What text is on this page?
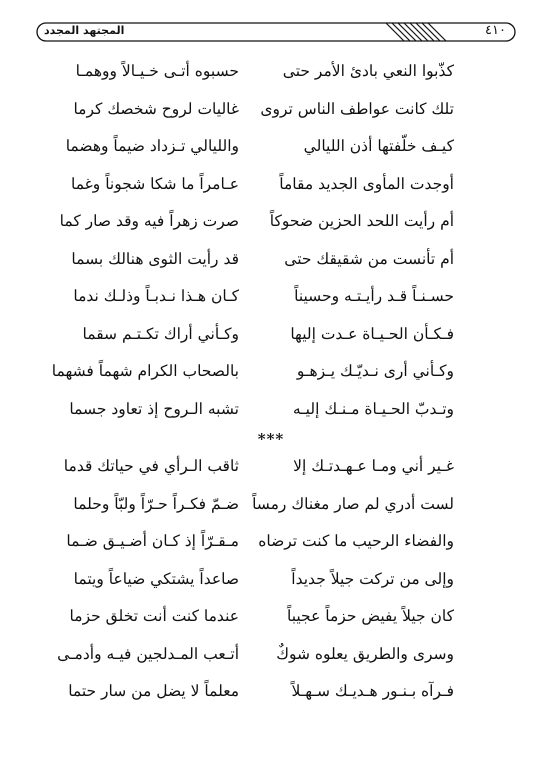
٤١٠
المجتهد المجدد
كذّبوا النعي بادئ الأمر حتى
حسبوه أتـى خـيـالاً ووهمـا
تلك كانت عواطف الناس تروى
غاليات لروح شخصك كرما
كيـف خلّفتها أذن الليالي
والليالي تـزداد ضيماً وهضما
أوجدت المأوى الجديد مقاماً
عـامراً ما شكا شجوناً وغما
أم رأيت اللحد الحزين ضحوكاً
صرت زهراً فيه وقد صار كما
أم تأنست من شقيقك حتى
قد رأيت الثوى هنالك بسما
حسـنـاً قـد رأيـتـه وحسيناً
كـان هـذا نـدبـاً وذلـك ندما
فـكـأن الحـيـاة عـدت إليها
وكـأني أراك تكـتـم سقما
وكـأني أرى نـديّـك يـزهـو
بالصحاب الكرام شهماً فشهما
وتـدبّ الحـيـاة مـنـك إليـه
تشبه الـروح إذ تعاود جسما
***
غـير أني ومـا عـهـدتـك إلا
ثاقب الـرأي في حياتك قدما
لست أدري لم صار مغناك رمساً
ضـمّ فكـراً حـرّاً ولبّاً وحلما
والفضاء الرحيب ما كنت ترضاه
مـقـرّاً إذ كـان أضـيـق ضـما
وإلى من تركت جيلاً جديداً
صاعداً يشتكي ضياعاً ويتما
كان جيلاً يفيض حزماً عجيباً
عندما كنت أنت تخلق حزما
وسرى والطريق يعلوه شوكٌ
أتـعب المـدلجين فيـه وأدمـى
فـرآه بـنـور هـديـك سـهـلاً
معلماً لا يضل من سار حتما
